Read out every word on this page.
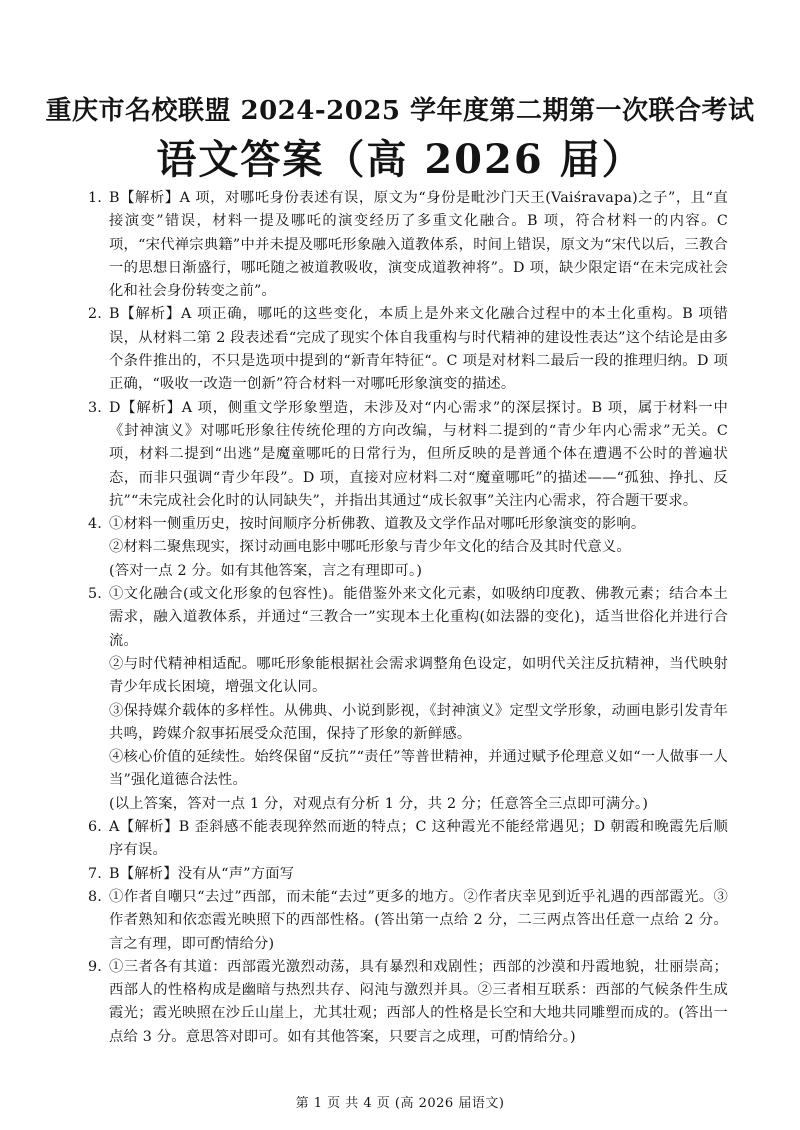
重庆市名校联盟 2024-2025 学年度第二期第一次联合考试
语文答案（高 2026 届）
1. B【解析】A 项，对哪吒身份表述有误，原文为“身份是毗沙门天王(Vaiśravapa)之子”，且“直接演变”错误，材料一提及哪吒的演变经历了多重文化融合。B 项，符合材料一的内容。C 项，“宋代禅宗典籍”中并未提及哪吒形象融入道教体系，时间上错误，原文为“宋代以后，三教合一的思想日渐盛行，哪吒随之被道教吸收，演变成道教神将”。D 项，缺少限定语“在未完成社会化和社会身份转变之前”。
2. B【解析】A 项正确，哪吒的这些变化，本质上是外来文化融合过程中的本土化重构。B 项错误，从材料二第 2 段表述看“完成了现实个体自我重构与时代精神的建设性表达”这个结论是由多个条件推出的，不只是选项中提到的“新青年特征“。C 项是对材料二最后一段的推理归纳。D 项正确，“吸收一改造一创新”符合材料一对哪吒形象演变的描述。
3. D【解析】A 项，侧重文学形象塑造，未涉及对“内心需求”的深层探讨。B 项，属于材料一中《封神演义》对哪吒形象往传统伦理的方向改编，与材料二提到的“青少年内心需求”无关。C 项，材料二提到“出逃”是魔童哪吒的日常行为，但所反映的是普通个体在遭遇不公时的普遍状态，而非只强调“青少年段”。D 项，直接对应材料二对“魔童哪吒”的描述——“孤独、挣扎、反抗”“未完成社会化时的认同缺失”，并指出其通过“成长叙事”关注内心需求，符合题干要求。
4. ①材料一侧重历史，按时间顺序分析佛教、道教及文学作品对哪吒形象演变的影响。
②材料二聚焦现实，探讨动画电影中哪吒形象与青少年文化的结合及其时代意义。
(答对一点 2 分。如有其他答案，言之有理即可。)
5. ①文化融合(或文化形象的包容性)。能借鉴外来文化元素，如吸纳印度教、佛教元素；结合本土需求，融入道教体系，并通过“三教合一”实现本土化重构(如法器的变化)，适当世俗化并进行合流。
②与时代精神相适配。哪吒形象能根据社会需求调整角色设定，如明代关注反抗精神，当代映射青少年成长困境，增强文化认同。
③保持媒介载体的多样性。从佛典、小说到影视，《封神演义》定型文学形象，动画电影引发青年共鸣，跨媒介叙事拓展受众范围，保持了形象的新鲜感。
④核心价值的延续性。始终保留“反抗”“责任”等普世精神，并通过赋予伦理意义如“一人做事一人当”强化道德合法性。
(以上答案，答对一点 1 分，对观点有分析 1 分，共 2 分；任意答全三点即可满分。)
6. A【解析】B 歪斜感不能表现猝然而逝的特点；C 这种霞光不能经常遇见；D 朝霞和晚霞先后顺序有误。
7. B【解析】没有从“声”方面写
8. ①作者自嘲只“去过”西部，而未能“去过”更多的地方。②作者庆幸见到近乎礼遇的西部霞光。③作者熟知和依恋霞光映照下的西部性格。(答出第一点给 2 分，二三两点答出任意一点给 2 分。言之有理，即可酌情给分)
9. ①三者各有其道：西部霞光激烈动荡，具有暴烈和戏剧性；西部的沙漠和丹霞地貌，壮丽崇高；西部人的性格构成是幽暗与热烈共存、闷沌与激烈并具。②三者相互联系：西部的气候条件生成霞光；霞光映照在沙丘山崖上，尤其壮观；西部人的性格是长空和大地共同雕塑而成的。(答出一点给 3 分。意思答对即可。如有其他答案，只要言之成理，可酌情给分。)
第 1 页 共 4 页 (高 2026 届语文)
